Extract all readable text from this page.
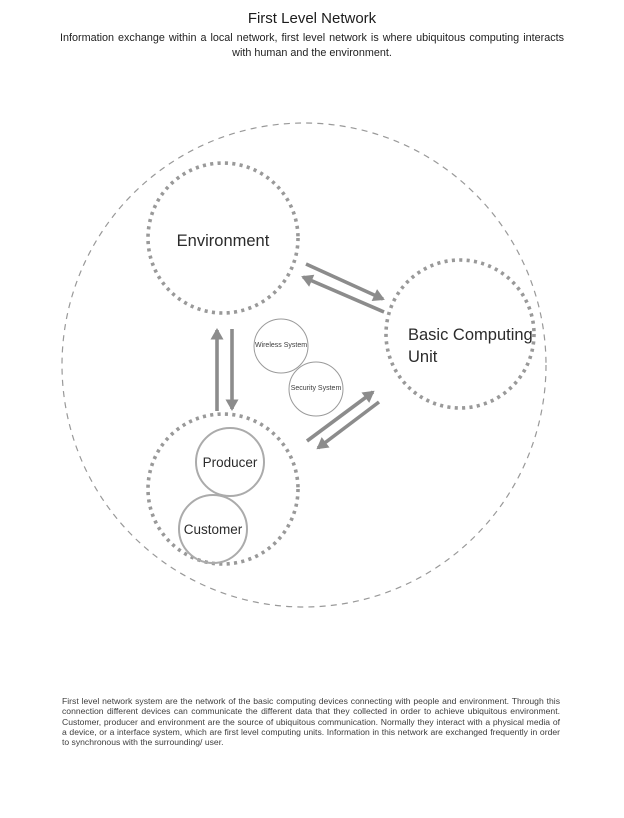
First Level Network
Information exchange within a local network, first level network is where ubiquitous computing interacts with human and the environment.
Environment
Basic Computing Unit
Producer
Customer
Wireless System
Security System
First level network system are the network of the basic computing devices connecting with people and environment. Through this connection different devices can communicate the different data that they collected in order to achieve ubiquitous environment. Customer, producer and environment are the source of ubiquitous communication. Normally they interact with a physical media of a device, or a interface system, which are first level computing units. Information in this network are exchanged frequently in order to synchronous with the surrounding/ user.
